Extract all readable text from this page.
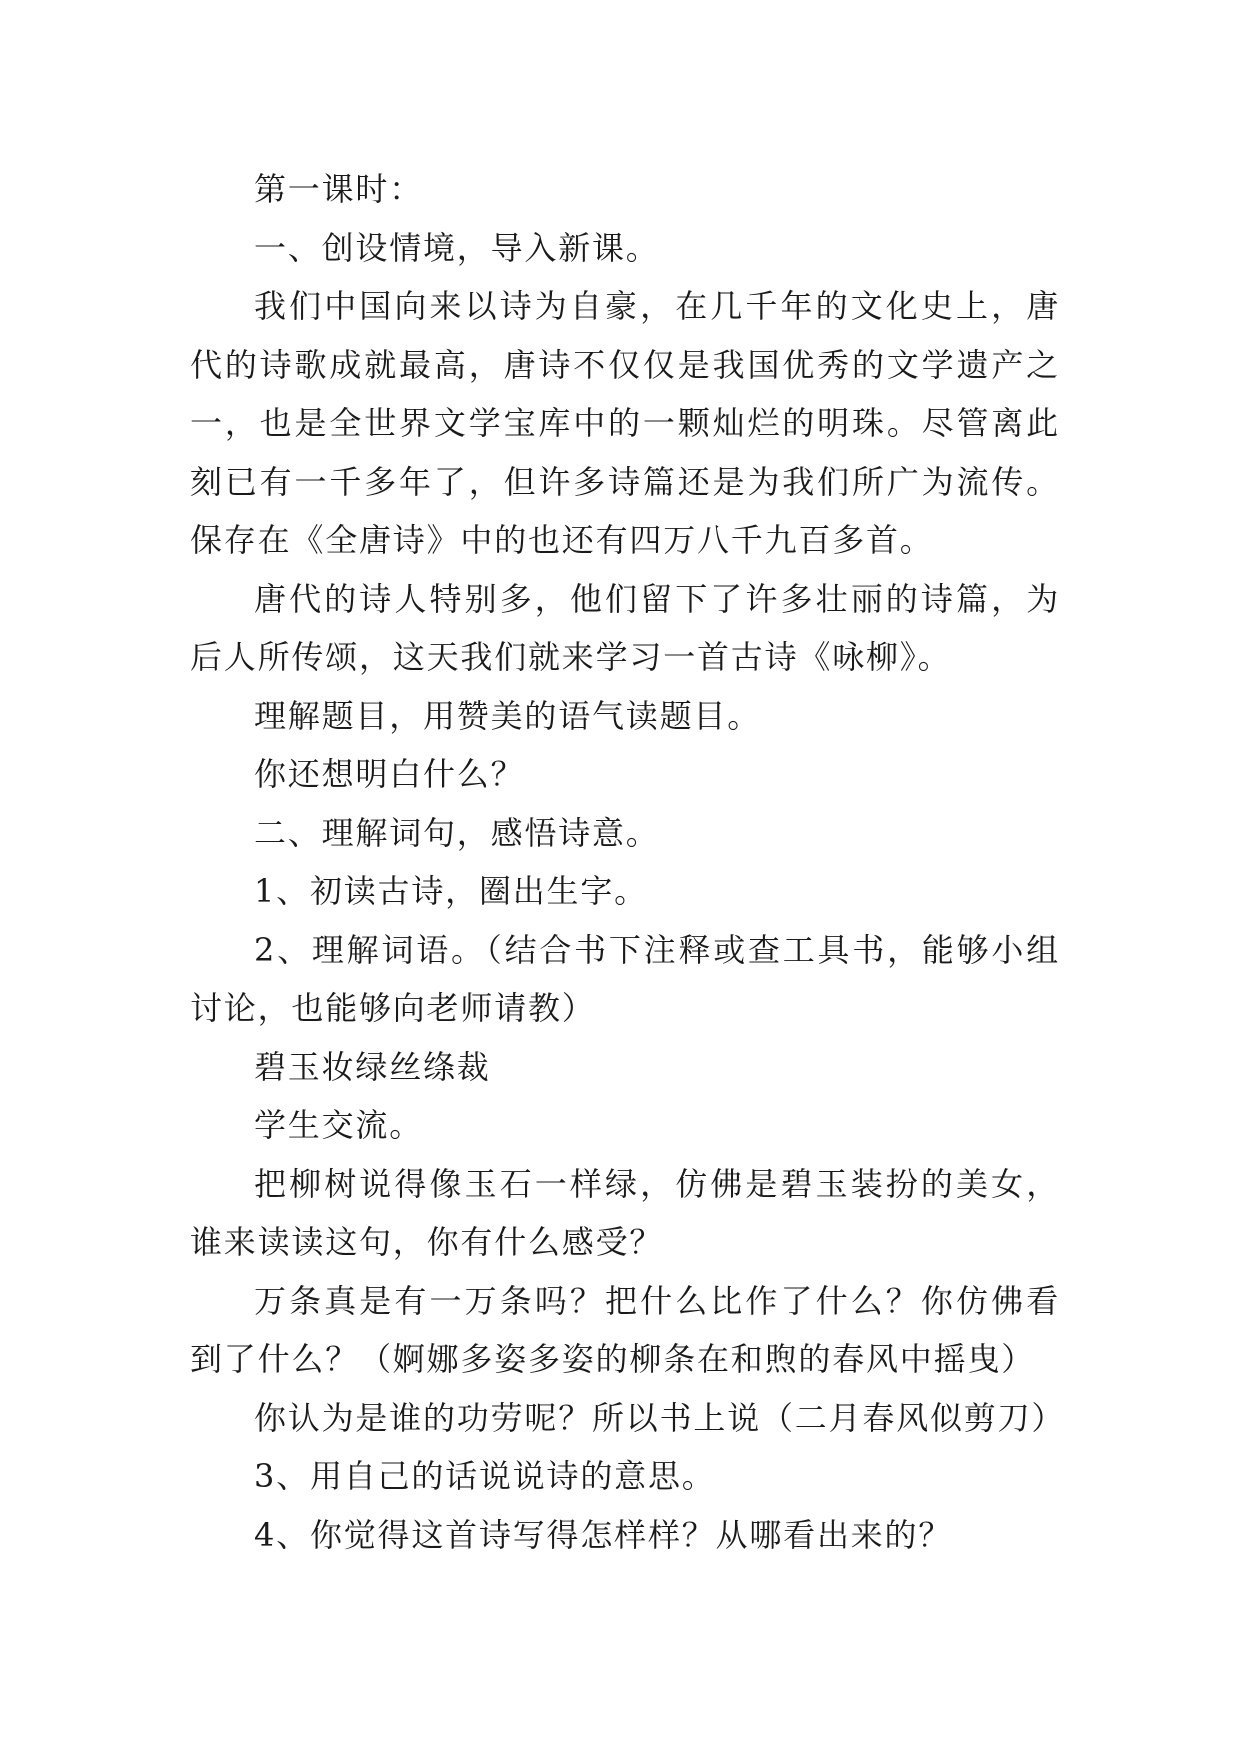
第一课时：

一、创设情境，导入新课。

我们中国向来以诗为自豪，在几千年的文化史上，唐代的诗歌成就最高，唐诗不仅仅是我国优秀的文学遗产之一，也是全世界文学宝库中的一颗灿烂的明珠。尽管离此刻已有一千多年了，但许多诗篇还是为我们所广为流传。保存在《全唐诗》中的也还有四万八千九百多首。

唐代的诗人特别多，他们留下了许多壮丽的诗篇，为后人所传颂，这天我们就来学习一首古诗《咏柳》。

理解题目，用赞美的语气读题目。

你还想明白什么？

二、理解词句，感悟诗意。

1、初读古诗，圈出生字。

2、理解词语。（结合书下注释或查工具书，能够小组讨论，也能够向老师请教）

碧玉妆绿丝绦裁

学生交流。

把柳树说得像玉石一样绿，仿佛是碧玉装扮的美女，谁来读读这句，你有什么感受？

万条真是有一万条吗？把什么比作了什么？你仿佛看到了什么？（婀娜多姿多姿的柳条在和煦的春风中摇曳）

你认为是谁的功劳呢？所以书上说（二月春风似剪刀）

3、用自己的话说说诗的意思。

4、你觉得这首诗写得怎样样？从哪看出来的？
